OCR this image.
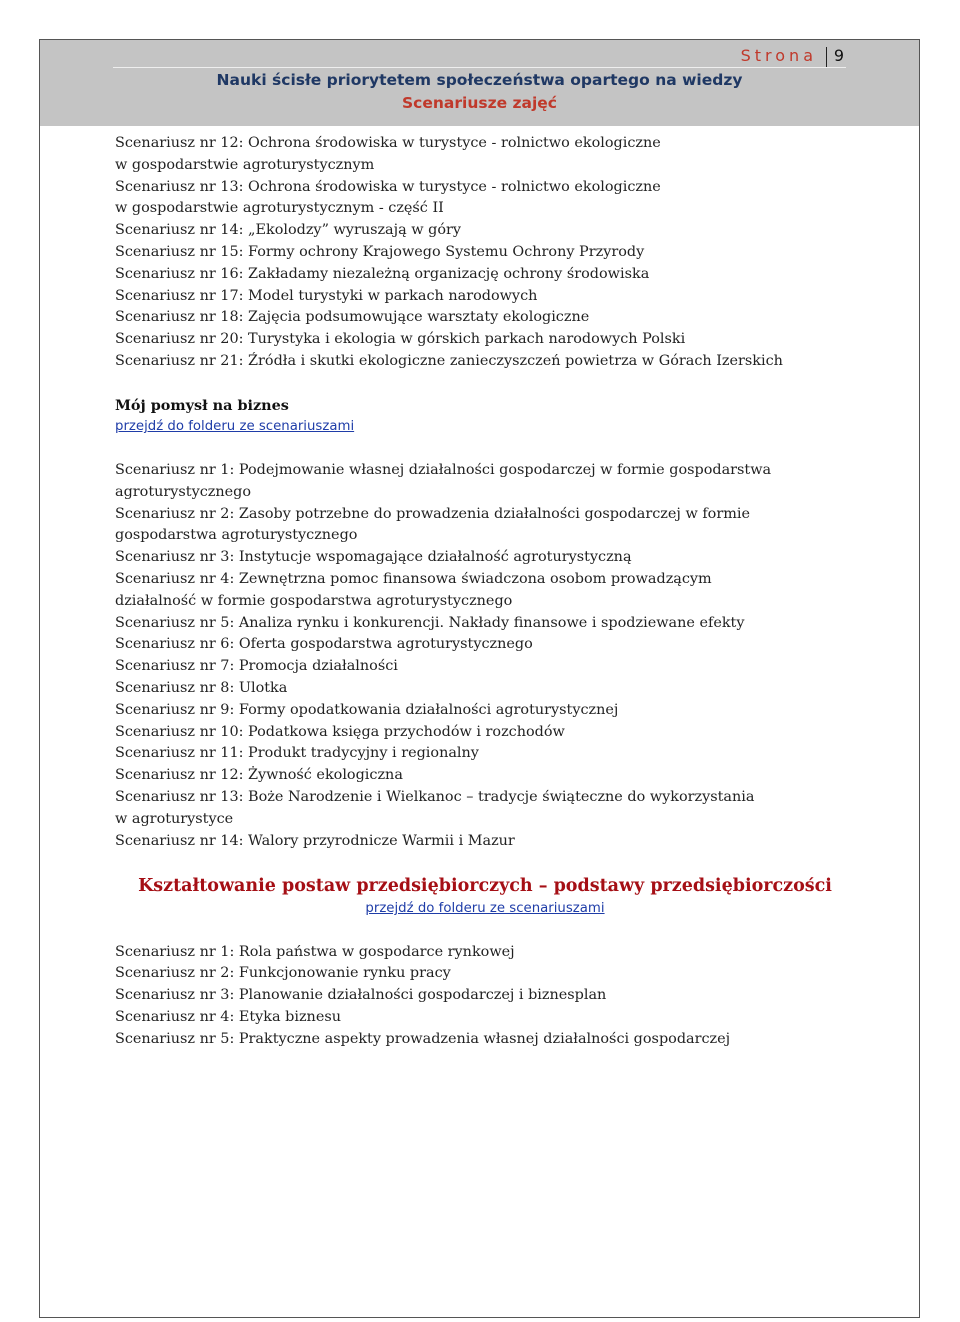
Strona 9
Nauki ścisłe priorytetem społeczeństwa opartego na wiedzy
Scenariusze zajęć
Scenariusz nr 12: Ochrona środowiska w turystyce - rolnictwo ekologiczne
w gospodarstwie agroturystycznym
Scenariusz nr 13: Ochrona środowiska w turystyce - rolnictwo ekologiczne
w gospodarstwie agroturystycznym - część II
Scenariusz nr 14: „Ekolodzy” wyruszają w góry
Scenariusz nr 15: Formy ochrony Krajowego Systemu Ochrony Przyrody
Scenariusz nr 16: Zakładamy niezależną organizację ochrony środowiska
Scenariusz nr 17: Model turystyki w parkach narodowych
Scenariusz nr 18: Zajęcia podsumowujące warsztaty ekologiczne
Scenariusz nr 20: Turystyka i ekologia w górskich parkach narodowych Polski
Scenariusz nr 21: Źródła i skutki ekologiczne zanieczyszczeń powietrza w Górach Izerskich
Mój pomysł na biznes
przejdź do folderu ze scenariuszami
Scenariusz nr 1: Podejmowanie własnej działalności gospodarczej w formie gospodarstwa
agroturystycznego
Scenariusz nr 2: Zasoby potrzebne do prowadzenia działalności gospodarczej w formie
gospodarstwa agroturystycznego
Scenariusz nr 3: Instytucje wspomagające działalność agroturystyczną
Scenariusz nr 4: Zewnętrzna pomoc finansowa świadczona osobom prowadzącym
działalność w formie gospodarstwa agroturystycznego
Scenariusz nr 5: Analiza rynku i konkurencji. Nakłady finansowe i spodziewane efekty
Scenariusz nr 6: Oferta gospodarstwa agroturystycznego
Scenariusz nr 7: Promocja działalności
Scenariusz nr 8: Ulotka
Scenariusz nr 9: Formy opodatkowania działalności agroturystycznej
Scenariusz nr 10: Podatkowa księga przychodów i rozchodów
Scenariusz nr 11: Produkt tradycyjny i regionalny
Scenariusz nr 12: Żywność ekologiczna
Scenariusz nr 13: Boże Narodzenie i Wielkanoc – tradycje świąteczne do wykorzystania
w agroturystyce
Scenariusz nr 14: Walory przyrodnicze Warmii i Mazur
Kształtowanie postaw przedsiębiorczych – podstawy przedsiębiorczości
przejdź do folderu ze scenariuszami
Scenariusz nr 1: Rola państwa w gospodarce rynkowej
Scenariusz nr 2: Funkcjonowanie rynku pracy
Scenariusz nr 3: Planowanie działalności gospodarczej i biznesplan
Scenariusz nr 4: Etyka biznesu
Scenariusz nr 5: Praktyczne aspekty prowadzenia własnej działalności gospodarczej
